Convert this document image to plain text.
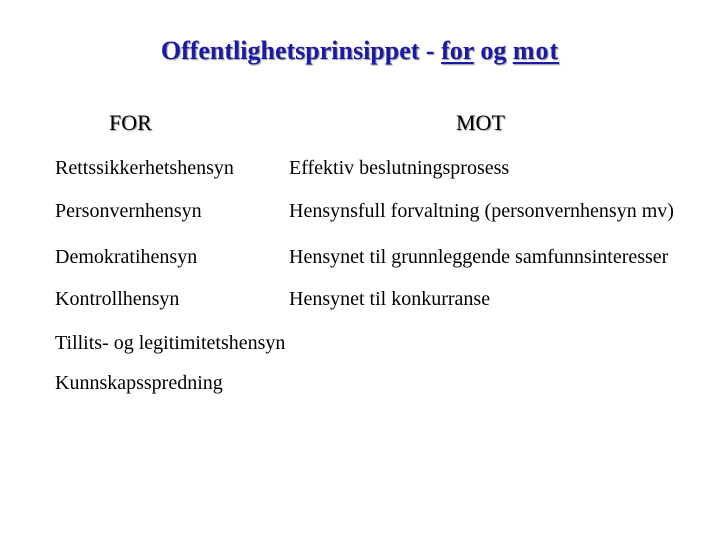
Offentlighetsprinsippet - for og mot
FOR	MOT
Rettssikkerhetshensyn
Personvernhensyn
Demokratihensyn
Kontrollhensyn
Tillits- og legitimitetshensyn
Kunnskapsspredning
Effektiv beslutningsprosess
Hensynsfull forvaltning (personvernhensyn mv)
Hensynet til grunnleggende samfunnsinteresser
Hensynet til konkurranse
